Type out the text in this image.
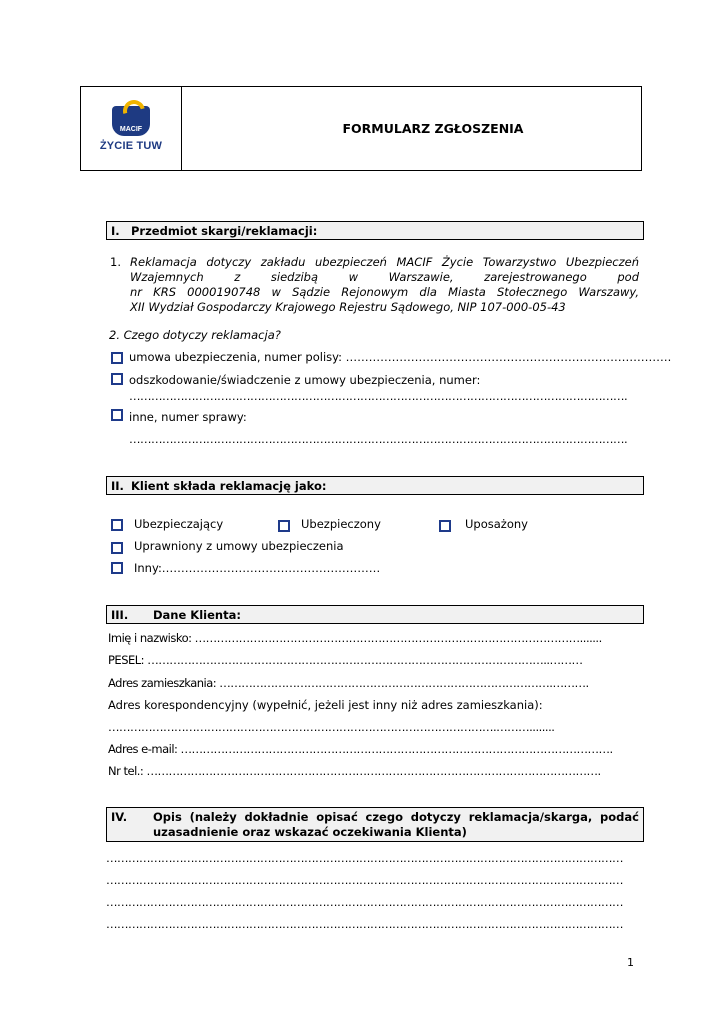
MACIF
ŻYCIE TUW
FORMULARZ ZGŁOSZENIA
I. Przedmiot skargi/reklamacji:
1. Reklamacja dotyczy zakładu ubezpieczeń MACIF Życie Towarzystwo Ubezpieczeń
Wzajemnych z siedzibą w Warszawie, zarejestrowanego pod
nr KRS 0000190748 w Sądzie Rejonowym dla Miasta Stołecznego Warszawy,
XII Wydział Gospodarczy Krajowego Rejestru Sądowego, NIP 107-000-05-43
2. Czego dotyczy reklamacja?
umowa ubezpieczenia, numer polisy: ………………………………………………………………………….
odszkodowanie/świadczenie z umowy ubezpieczenia, numer:
……………………………………………………………………………………………………………………….
inne, numer sprawy:
……………………………………………………………………………………………………………………….
II. Klient składa reklamację jako:
Ubezpieczający	Ubezpieczony	Uposażony
Uprawniony z umowy ubezpieczenia
Inny:…………………………………………………
III. Dane Klienta:
Imię i nazwisko: …………………………………………………………………………………………….......
PESEL: ………………………………………………………………………………………………..………
Adres zamieszkania: ……………………………………………………………………………….……….
Adres korespondencyjny (wypełnić, jeżeli jest inny niż adres zamieszkania):
…………………………………………………………………………………………….………........
Adres e-mail: ……………………………………………………………………………………………………….
Nr tel.: …………………………………………………………………………………………………………….
IV. Opis (należy dokładnie opisać czego dotyczy reklamacja/skarga, podać uzasadnienie oraz wskazać oczekiwania Klienta)
……………………………………………………………………………………………………………………………
……………………………………………………………………………………………………………………………
……………………………………………………………………………………………………………………………
……………………………………………………………………………………………………………………………
1
